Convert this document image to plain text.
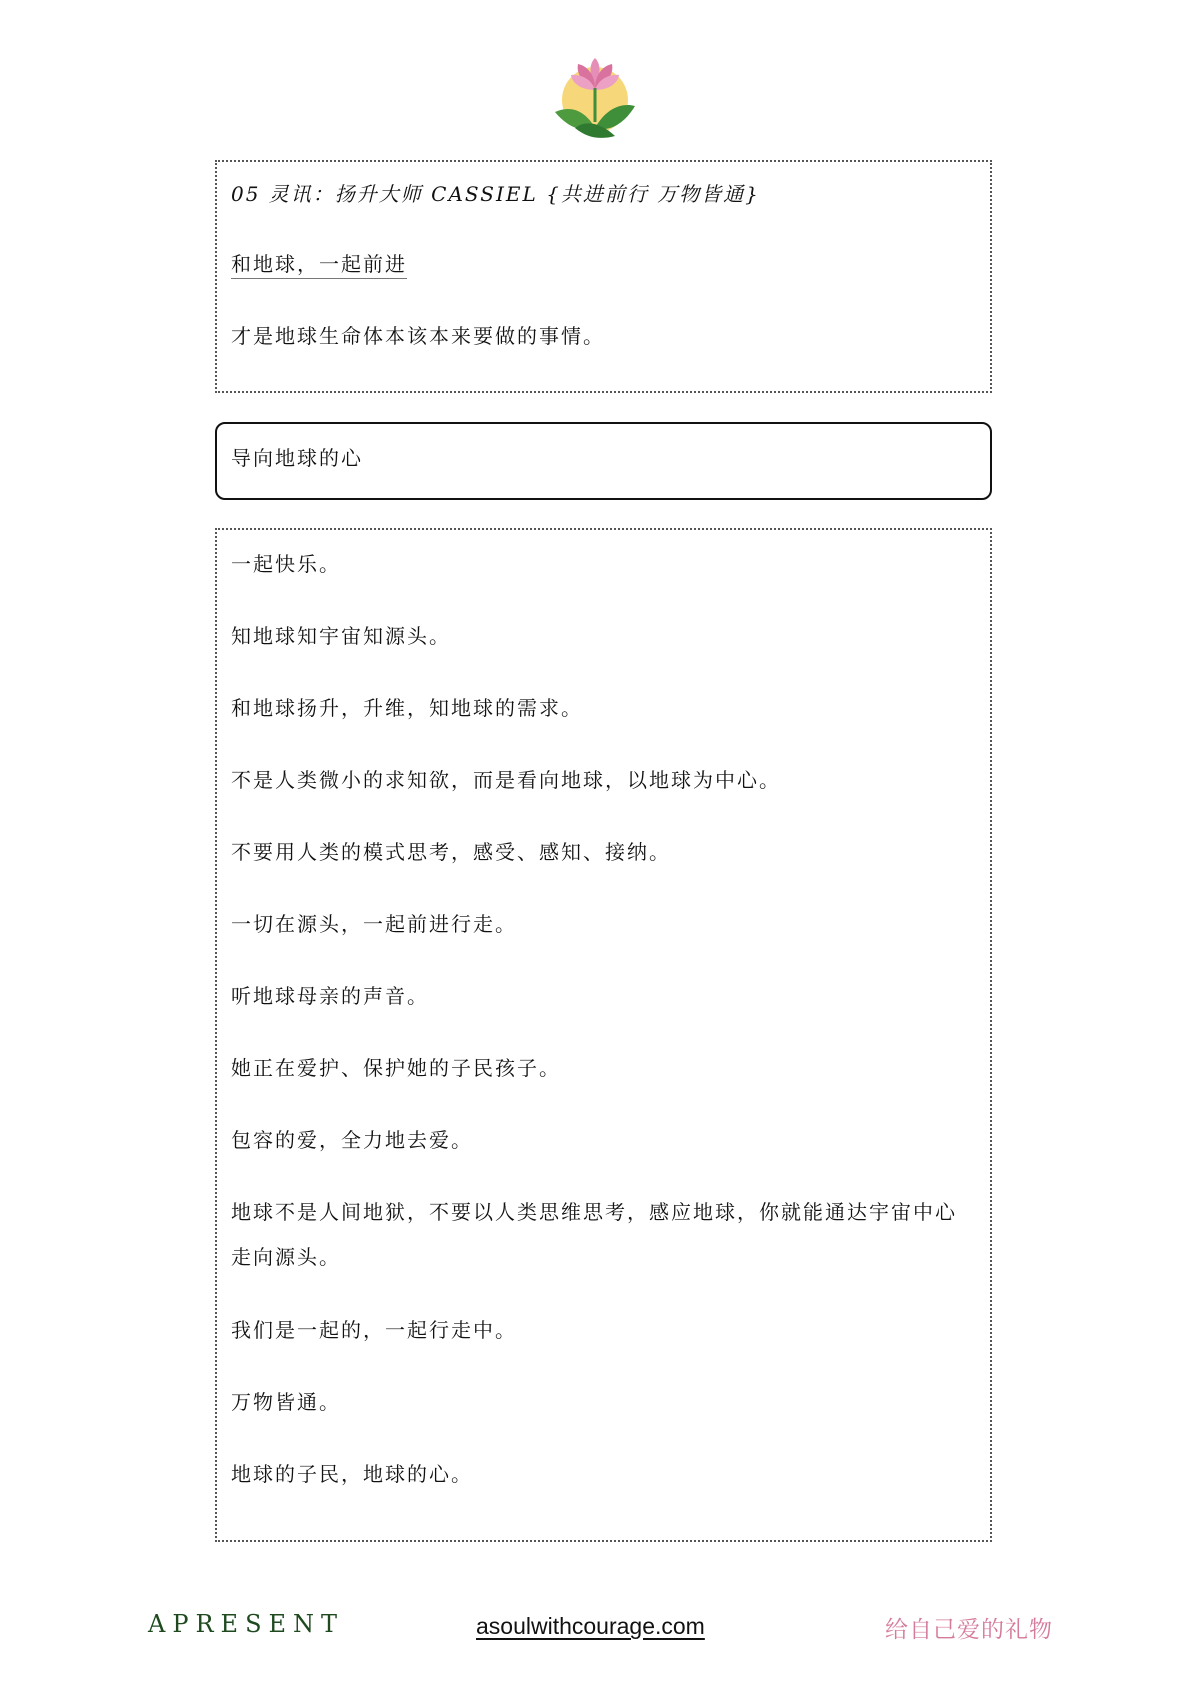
05 灵讯：扬升大师 CASSIEL {共进前行 万物皆通}
和地球，一起前进
才是地球生命体本该本来要做的事情。
导向地球的心
一起快乐。
知地球知宇宙知源头。
和地球扬升，升维，知地球的需求。
不是人类微小的求知欲，而是看向地球，以地球为中心。
不要用人类的模式思考，感受、感知、接纳。
一切在源头，一起前进行走。
听地球母亲的声音。
她正在爱护、保护她的子民孩子。
包容的爱，全力地去爱。
地球不是人间地狱，不要以人类思维思考，感应地球，你就能通达宇宙中心走向源头。
我们是一起的，一起行走中。
万物皆通。
地球的子民，地球的心。
APRESENT	asoulwithcourage.com	给自己爱的礼物
